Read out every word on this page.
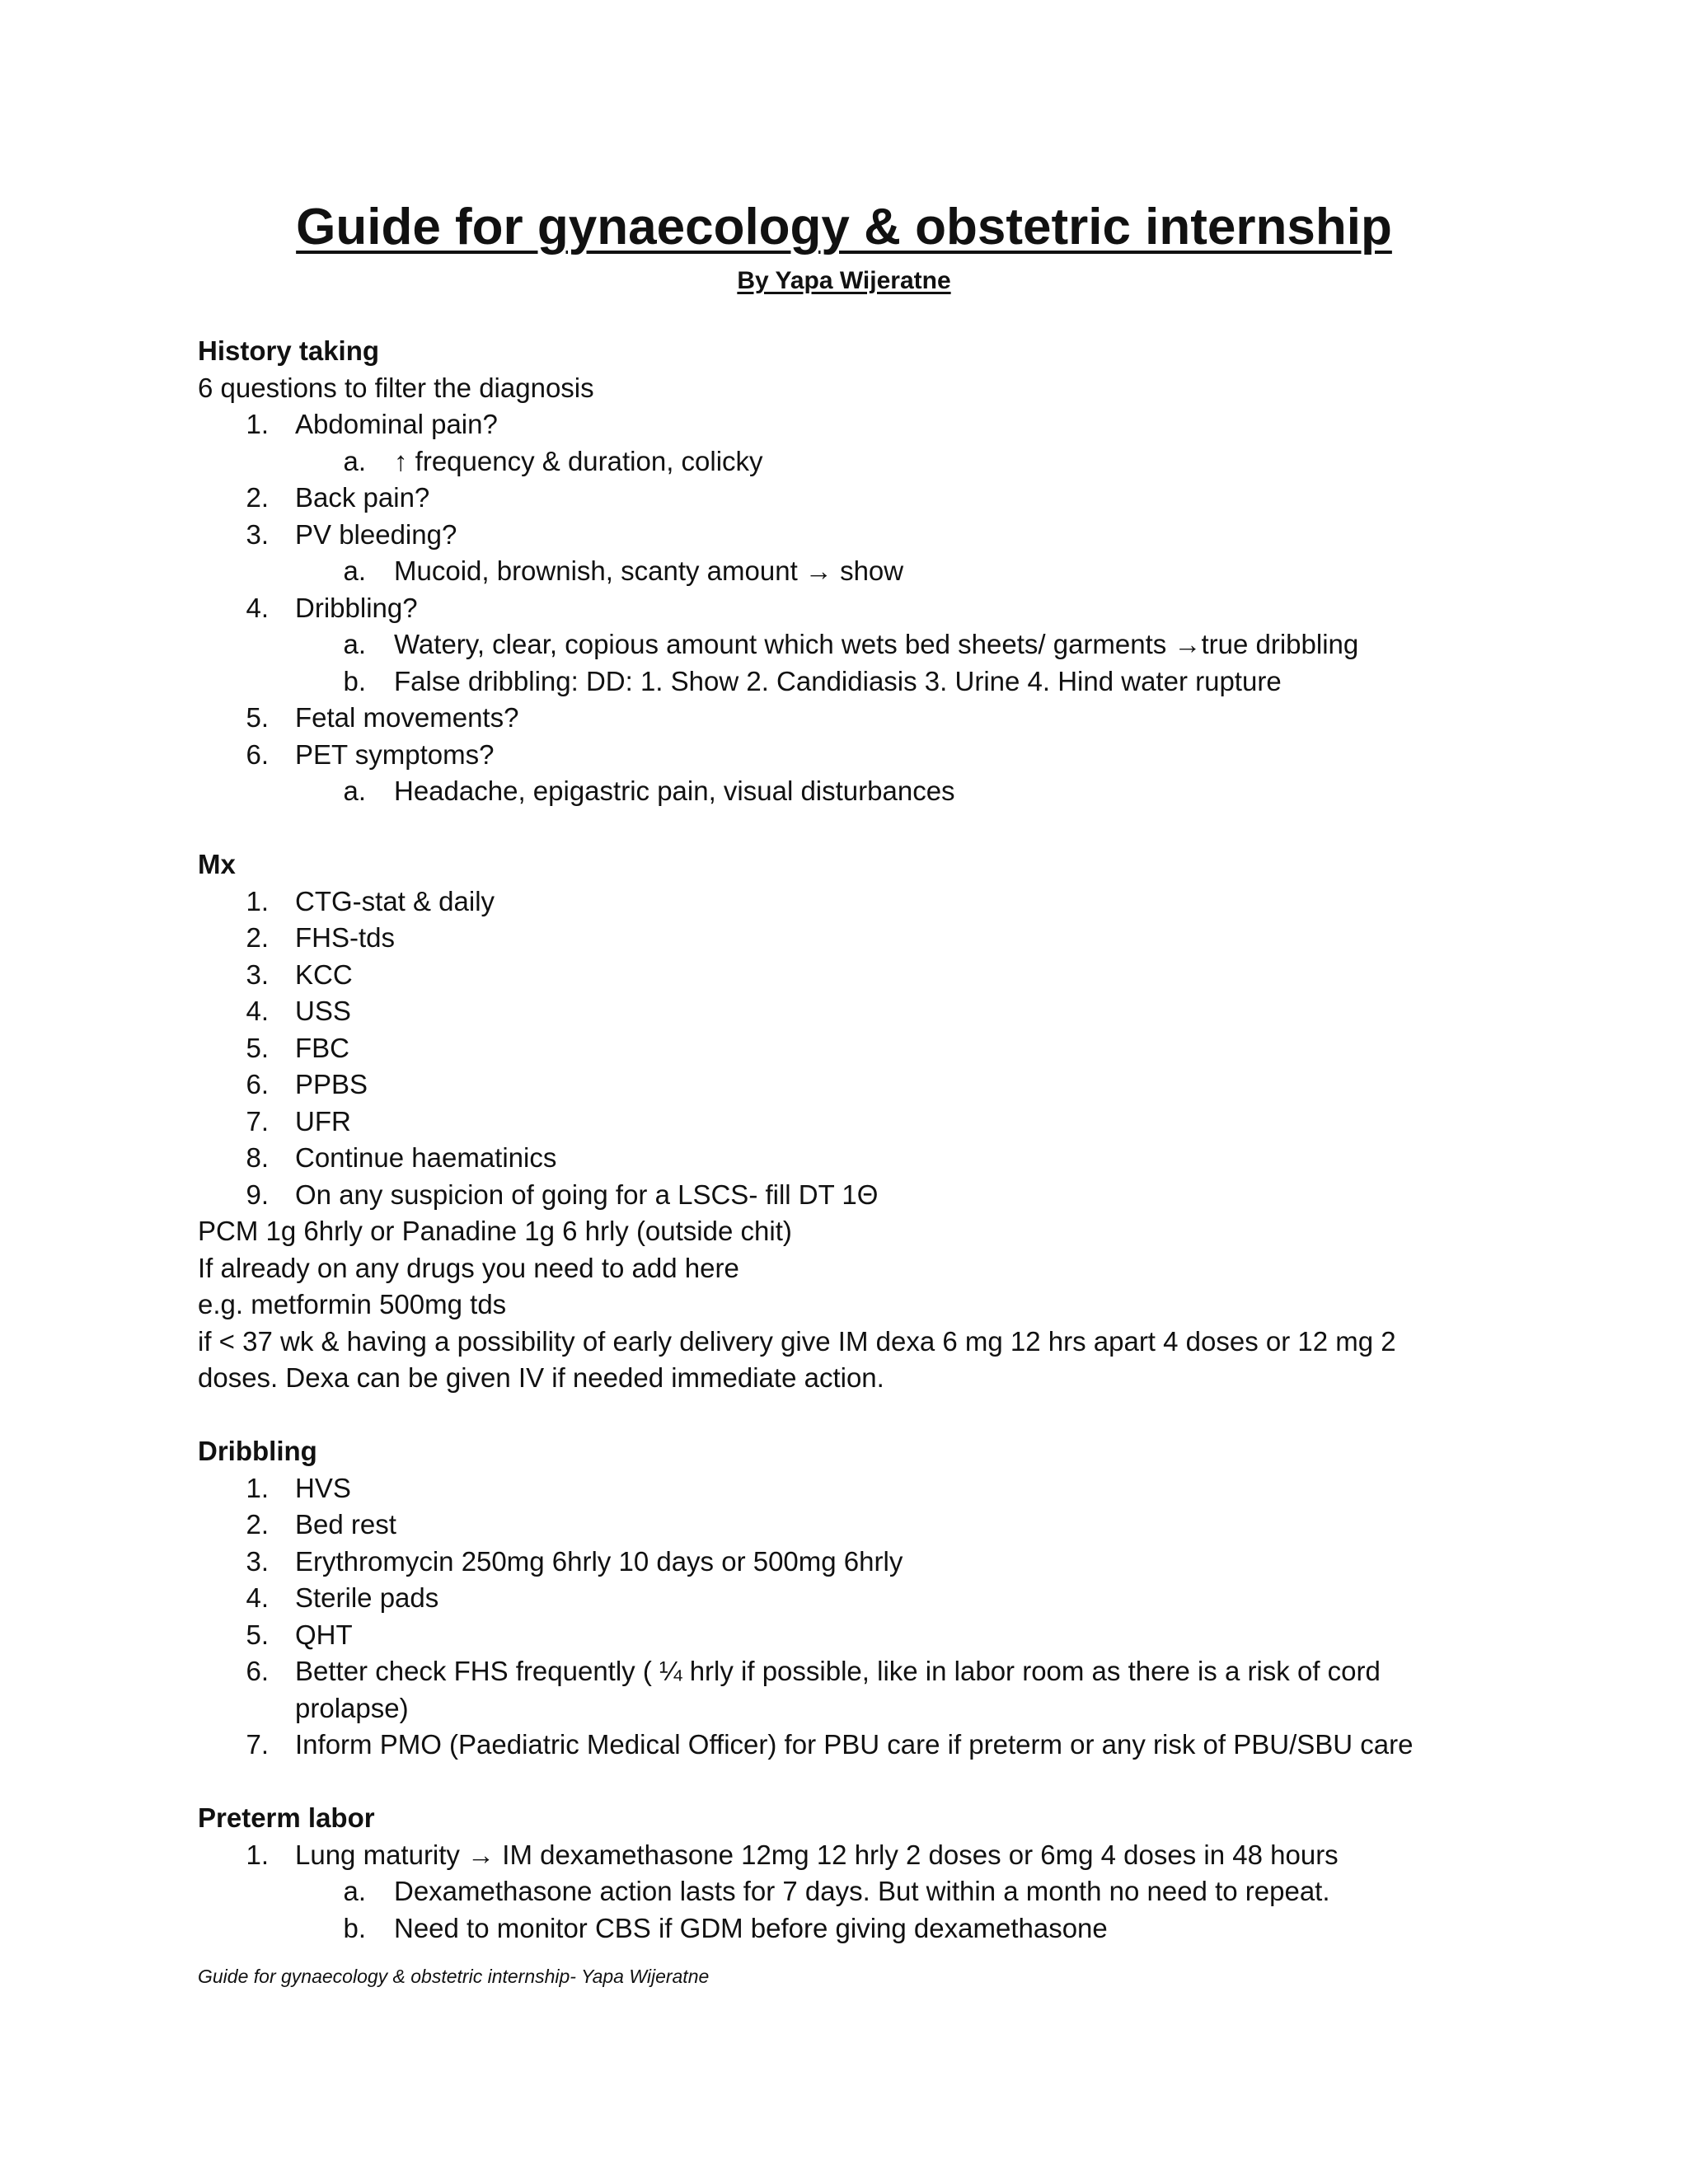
Guide for gynaecology & obstetric internship
By Yapa Wijeratne
History taking
6 questions to filter the diagnosis
1. Abdominal pain?
a. ↑ frequency & duration, colicky
2. Back pain?
3. PV bleeding?
a. Mucoid, brownish, scanty amount → show
4. Dribbling?
a. Watery, clear, copious amount which wets bed sheets/ garments →true dribbling
b. False dribbling: DD: 1. Show 2. Candidiasis 3. Urine 4. Hind water rupture
5. Fetal movements?
6. PET symptoms?
a. Headache, epigastric pain, visual disturbances
Mx
1. CTG-stat & daily
2. FHS-tds
3. KCC
4. USS
5. FBC
6. PPBS
7. UFR
8. Continue haematinics
9. On any suspicion of going for a LSCS- fill DT 1Θ
PCM 1g 6hrly or Panadine 1g 6 hrly (outside chit)
If already on any drugs you need to add here
e.g. metformin 500mg tds
if < 37 wk & having a possibility of early delivery give IM dexa 6 mg 12 hrs apart 4 doses or 12 mg 2
doses. Dexa can be given IV if needed immediate action.
Dribbling
1. HVS
2. Bed rest
3. Erythromycin 250mg 6hrly 10 days or 500mg 6hrly
4. Sterile pads
5. QHT
6. Better check FHS frequently ( ¼ hrly if possible, like in labor room as there is a risk of cord
prolapse)
7. Inform PMO (Paediatric Medical Officer) for PBU care if preterm or any risk of PBU/SBU care
Preterm labor
1. Lung maturity → IM dexamethasone 12mg 12 hrly 2 doses or 6mg 4 doses in 48 hours
a. Dexamethasone action lasts for 7 days. But within a month no need to repeat.
b. Need to monitor CBS if GDM before giving dexamethasone
Guide for gynaecology & obstetric internship- Yapa Wijeratne
